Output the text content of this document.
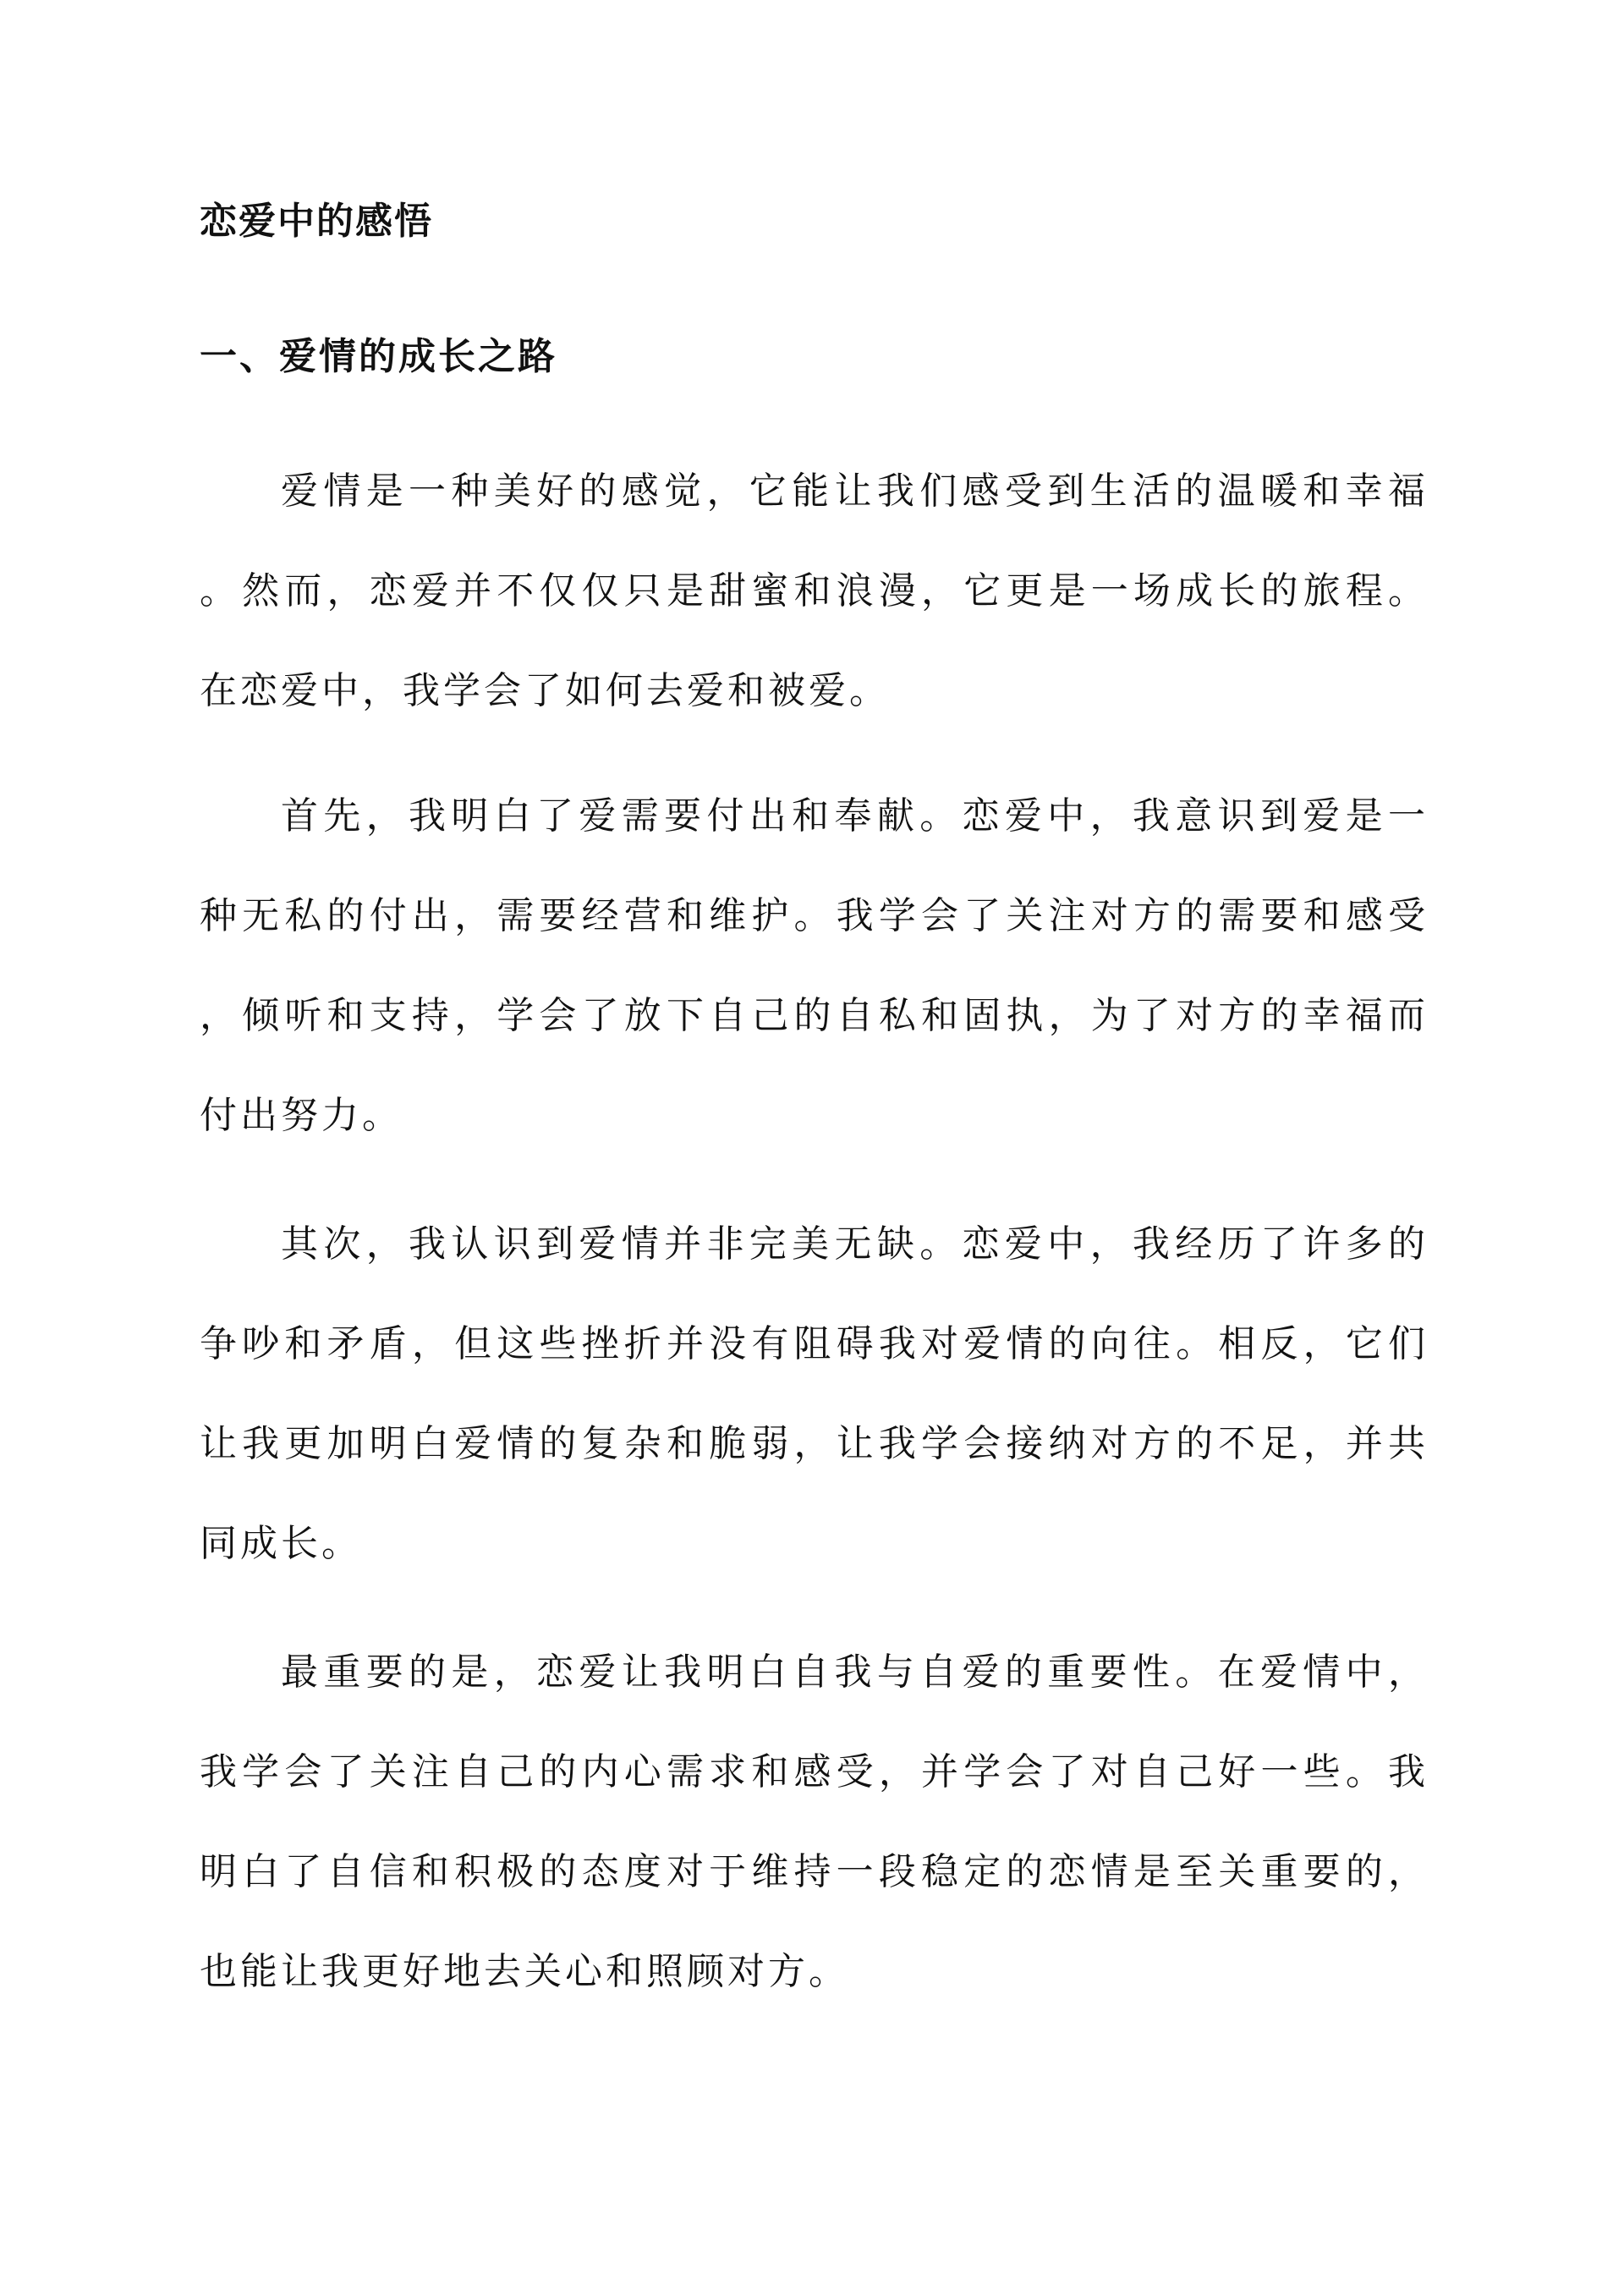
恋爱中的感悟
一、爱情的成长之路
爱情是一种美好的感觉，它能让我们感受到生活的温暖和幸福
。然而，恋爱并不仅仅只是甜蜜和浪漫，它更是一场成长的旅程。
在恋爱中，我学会了如何去爱和被爱。
首先，我明白了爱需要付出和奉献。恋爱中，我意识到爱是一
种无私的付出，需要经营和维护。我学会了关注对方的需要和感受
，倾听和支持，学会了放下自己的自私和固执，为了对方的幸福而
付出努力。
其次，我认识到爱情并非完美无缺。恋爱中，我经历了许多的
争吵和矛盾，但这些挫折并没有阻碍我对爱情的向往。相反，它们
让我更加明白爱情的复杂和脆弱，让我学会接纳对方的不足，并共
同成长。
最重要的是，恋爱让我明白自我与自爱的重要性。在爱情中，
我学会了关注自己的内心需求和感受，并学会了对自己好一些。我
明白了自信和积极的态度对于维持一段稳定的恋情是至关重要的，
也能让我更好地去关心和照顾对方。
